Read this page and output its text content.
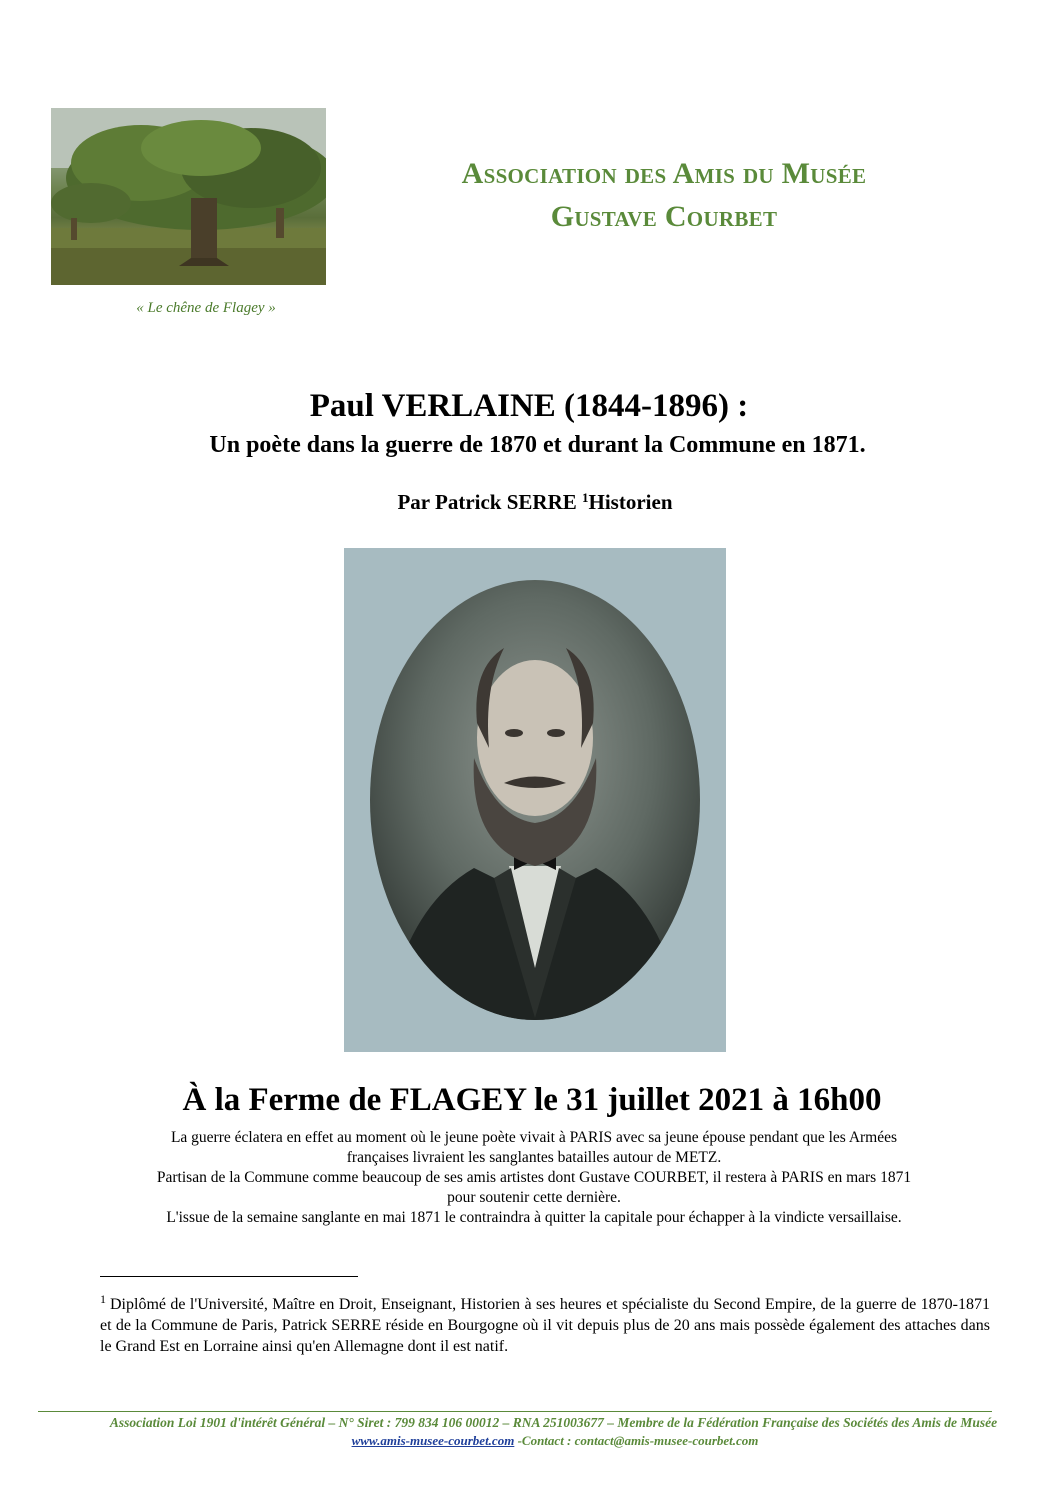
« Le chêne de Flagey »
Association des Amis du Musée
Gustave Courbet
Paul VERLAINE (1844-1896) :
Un poète dans la guerre de 1870 et durant la Commune en 1871.
Par Patrick SERRE $^1$Historien
À la Ferme de FLAGEY le 31 juillet 2021 à 16h00
La guerre éclatera en effet au moment où le jeune poète vivait à PARIS avec sa jeune épouse pendant que les Armées
françaises livraient les sanglantes batailles autour de METZ.
Partisan de la Commune comme beaucoup de ses amis artistes dont Gustave COURBET, il restera à PARIS en mars 1871
pour soutenir cette dernière.
L'issue de la semaine sanglante en mai 1871 le contraindra à quitter la capitale pour échapper à la vindicte versaillaise.
$^1$ Diplômé de l'Université, Maître en Droit, Enseignant, Historien à ses heures et spécialiste du Second Empire, de la guerre de 1870-1871 et de la Commune de Paris, Patrick SERRE réside en Bourgogne où il vit depuis plus de 20 ans mais possède également des attaches dans le Grand Est en Lorraine ainsi qu'en Allemagne dont il est natif.
Association Loi 1901 d'intérêt Général – N° Siret : 799 834 106 00012 – RNA 251003677 – Membre de la Fédération Française des Sociétés des Amis de Musée
www.amis-musee-courbet.com -Contact : contact@amis-musee-courbet.com
